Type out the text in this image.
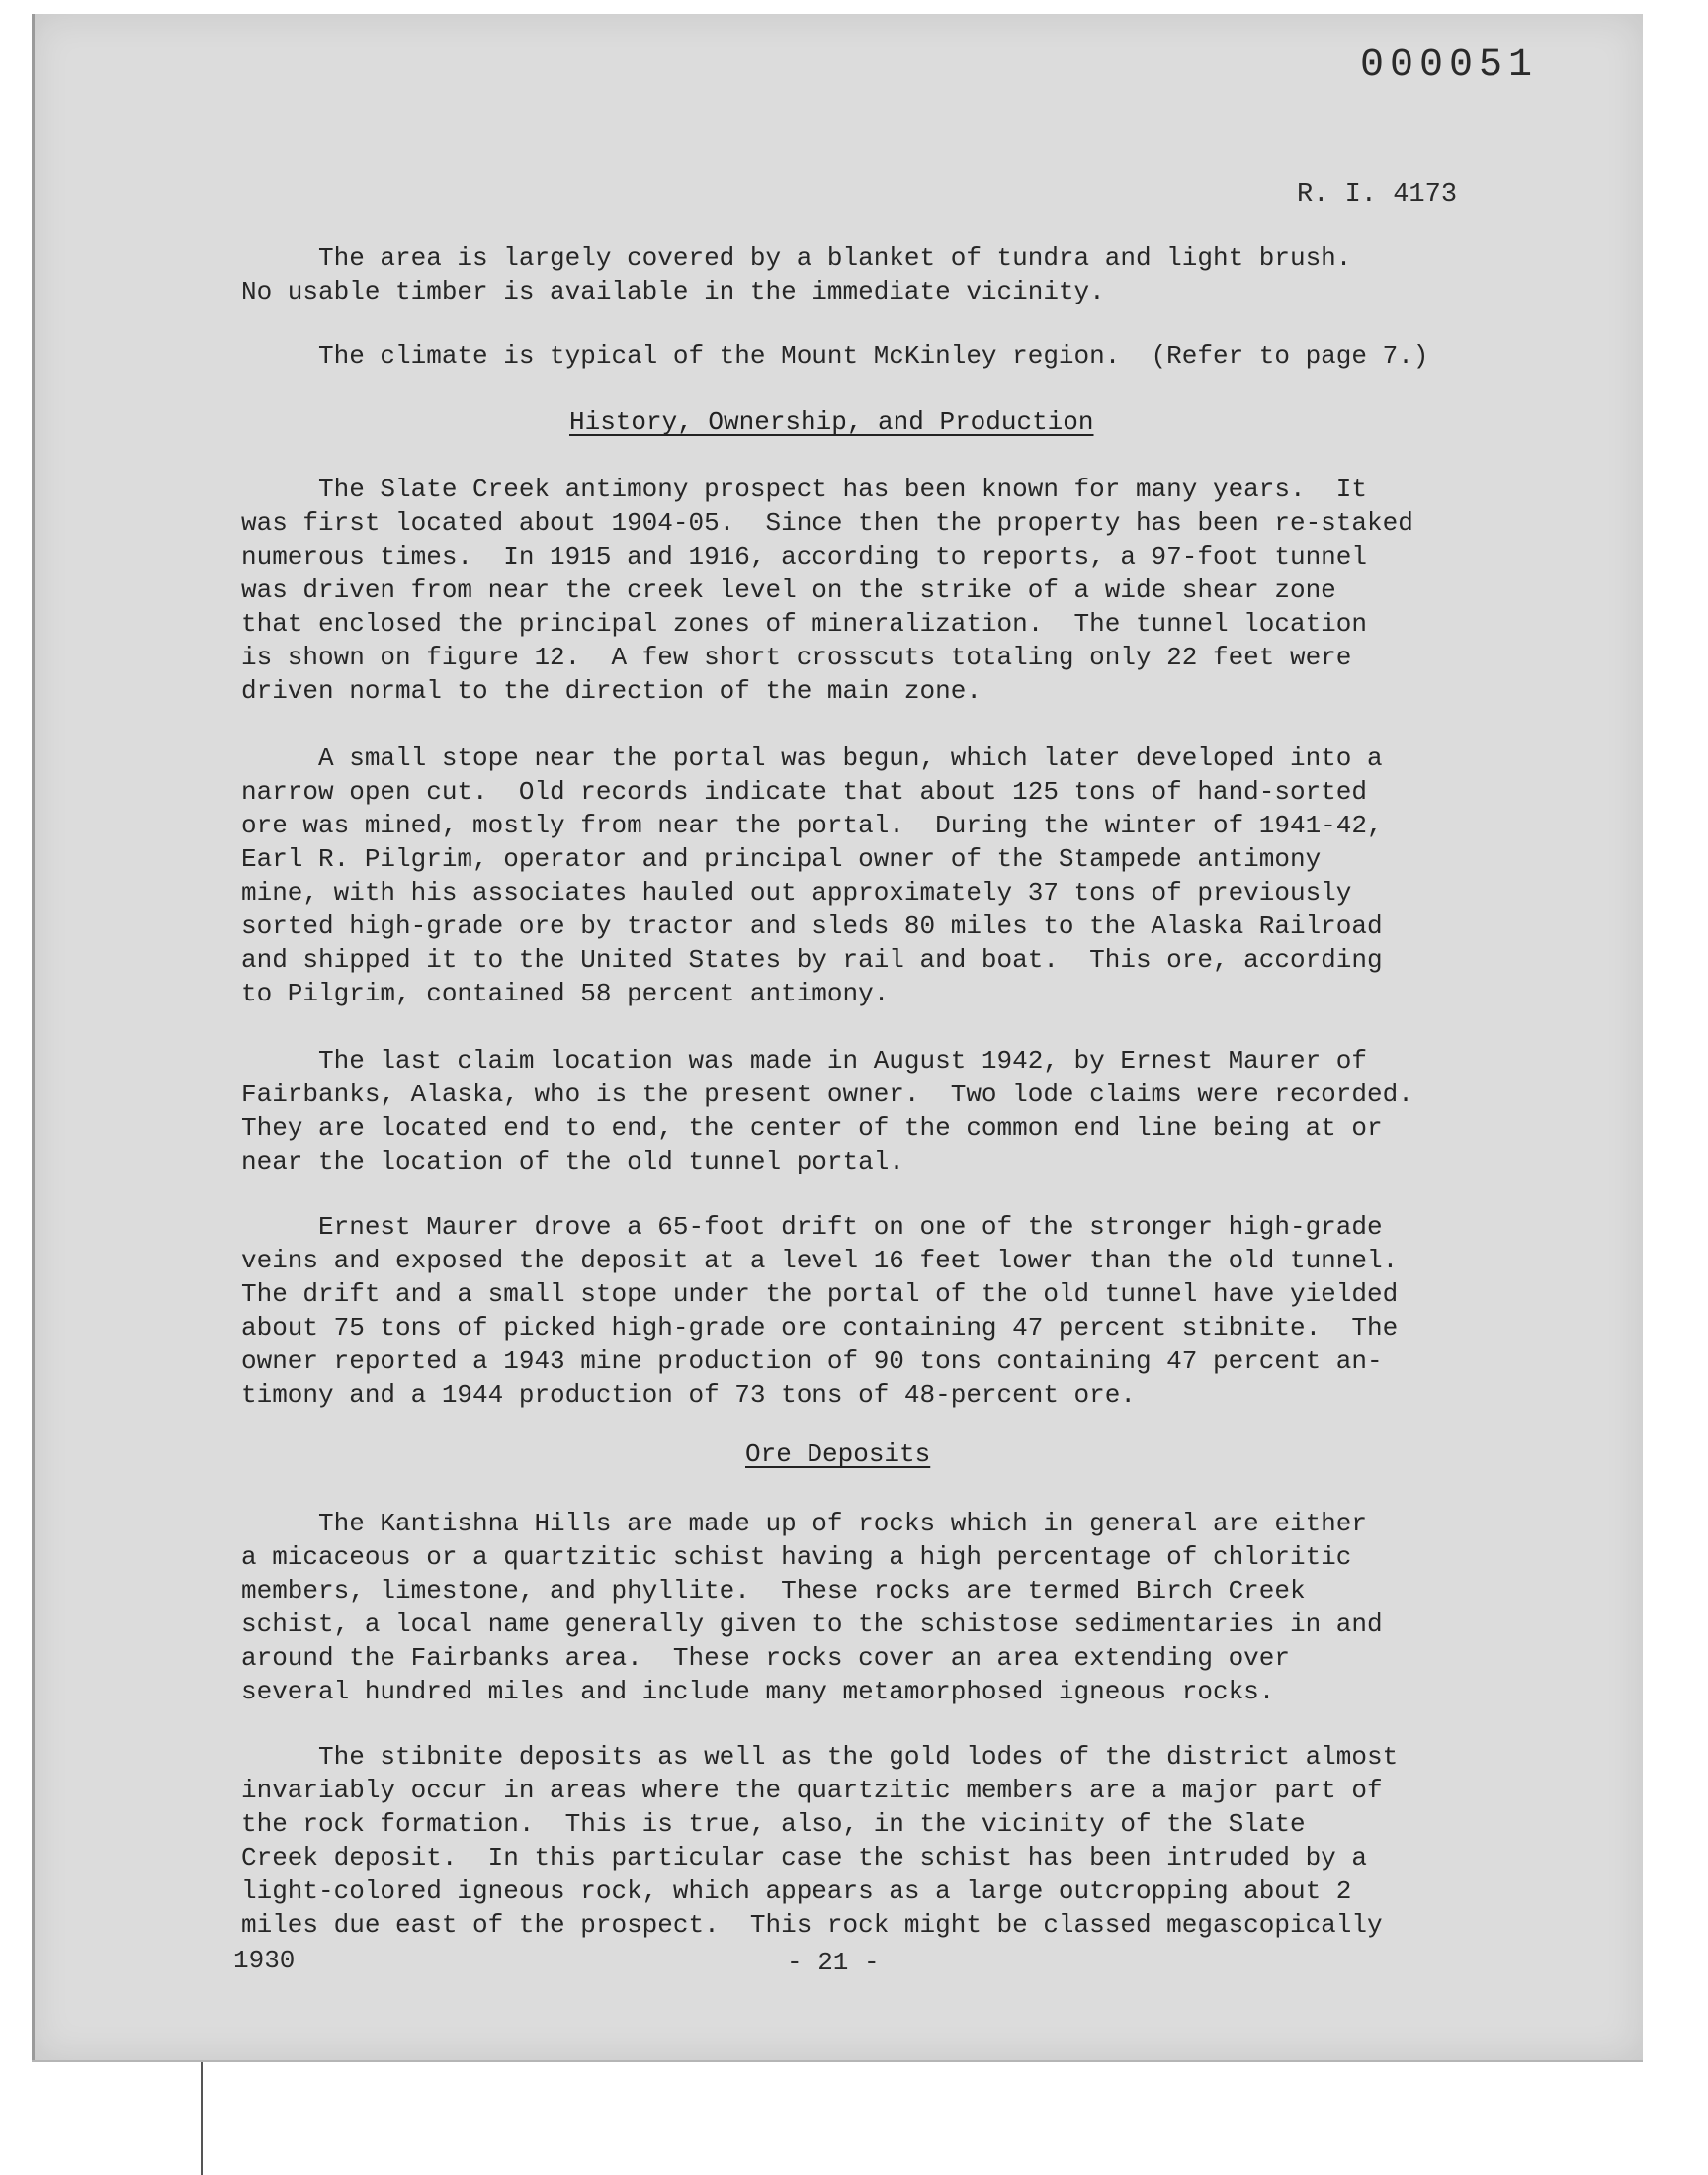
000051
R. I. 4173
The area is largely covered by a blanket of tundra and light brush.
No usable timber is available in the immediate vicinity.
The climate is typical of the Mount McKinley region.  (Refer to page 7.)
History, Ownership, and Production
The Slate Creek antimony prospect has been known for many years.  It
was first located about 1904-05.  Since then the property has been re-staked
numerous times.  In 1915 and 1916, according to reports, a 97-foot tunnel
was driven from near the creek level on the strike of a wide shear zone
that enclosed the principal zones of mineralization.  The tunnel location
is shown on figure 12.  A few short crosscuts totaling only 22 feet were
driven normal to the direction of the main zone.
A small stope near the portal was begun, which later developed into a
narrow open cut.  Old records indicate that about 125 tons of hand-sorted
ore was mined, mostly from near the portal.  During the winter of 1941-42,
Earl R. Pilgrim, operator and principal owner of the Stampede antimony
mine, with his associates hauled out approximately 37 tons of previously
sorted high-grade ore by tractor and sleds 80 miles to the Alaska Railroad
and shipped it to the United States by rail and boat.  This ore, according
to Pilgrim, contained 58 percent antimony.
The last claim location was made in August 1942, by Ernest Maurer of
Fairbanks, Alaska, who is the present owner.  Two lode claims were recorded.
They are located end to end, the center of the common end line being at or
near the location of the old tunnel portal.
Ernest Maurer drove a 65-foot drift on one of the stronger high-grade
veins and exposed the deposit at a level 16 feet lower than the old tunnel.
The drift and a small stope under the portal of the old tunnel have yielded
about 75 tons of picked high-grade ore containing 47 percent stibnite.  The
owner reported a 1943 mine production of 90 tons containing 47 percent an-
timony and a 1944 production of 73 tons of 48-percent ore.
Ore Deposits
The Kantishna Hills are made up of rocks which in general are either
a micaceous or a quartzitic schist having a high percentage of chloritic
members, limestone, and phyllite.  These rocks are termed Birch Creek
schist, a local name generally given to the schistose sedimentaries in and
around the Fairbanks area.  These rocks cover an area extending over
several hundred miles and include many metamorphosed igneous rocks.
The stibnite deposits as well as the gold lodes of the district almost
invariably occur in areas where the quartzitic members are a major part of
the rock formation.  This is true, also, in the vicinity of the Slate
Creek deposit.  In this particular case the schist has been intruded by a
light-colored igneous rock, which appears as a large outcropping about 2
miles due east of the prospect.  This rock might be classed megascopically
1930	- 21 -
